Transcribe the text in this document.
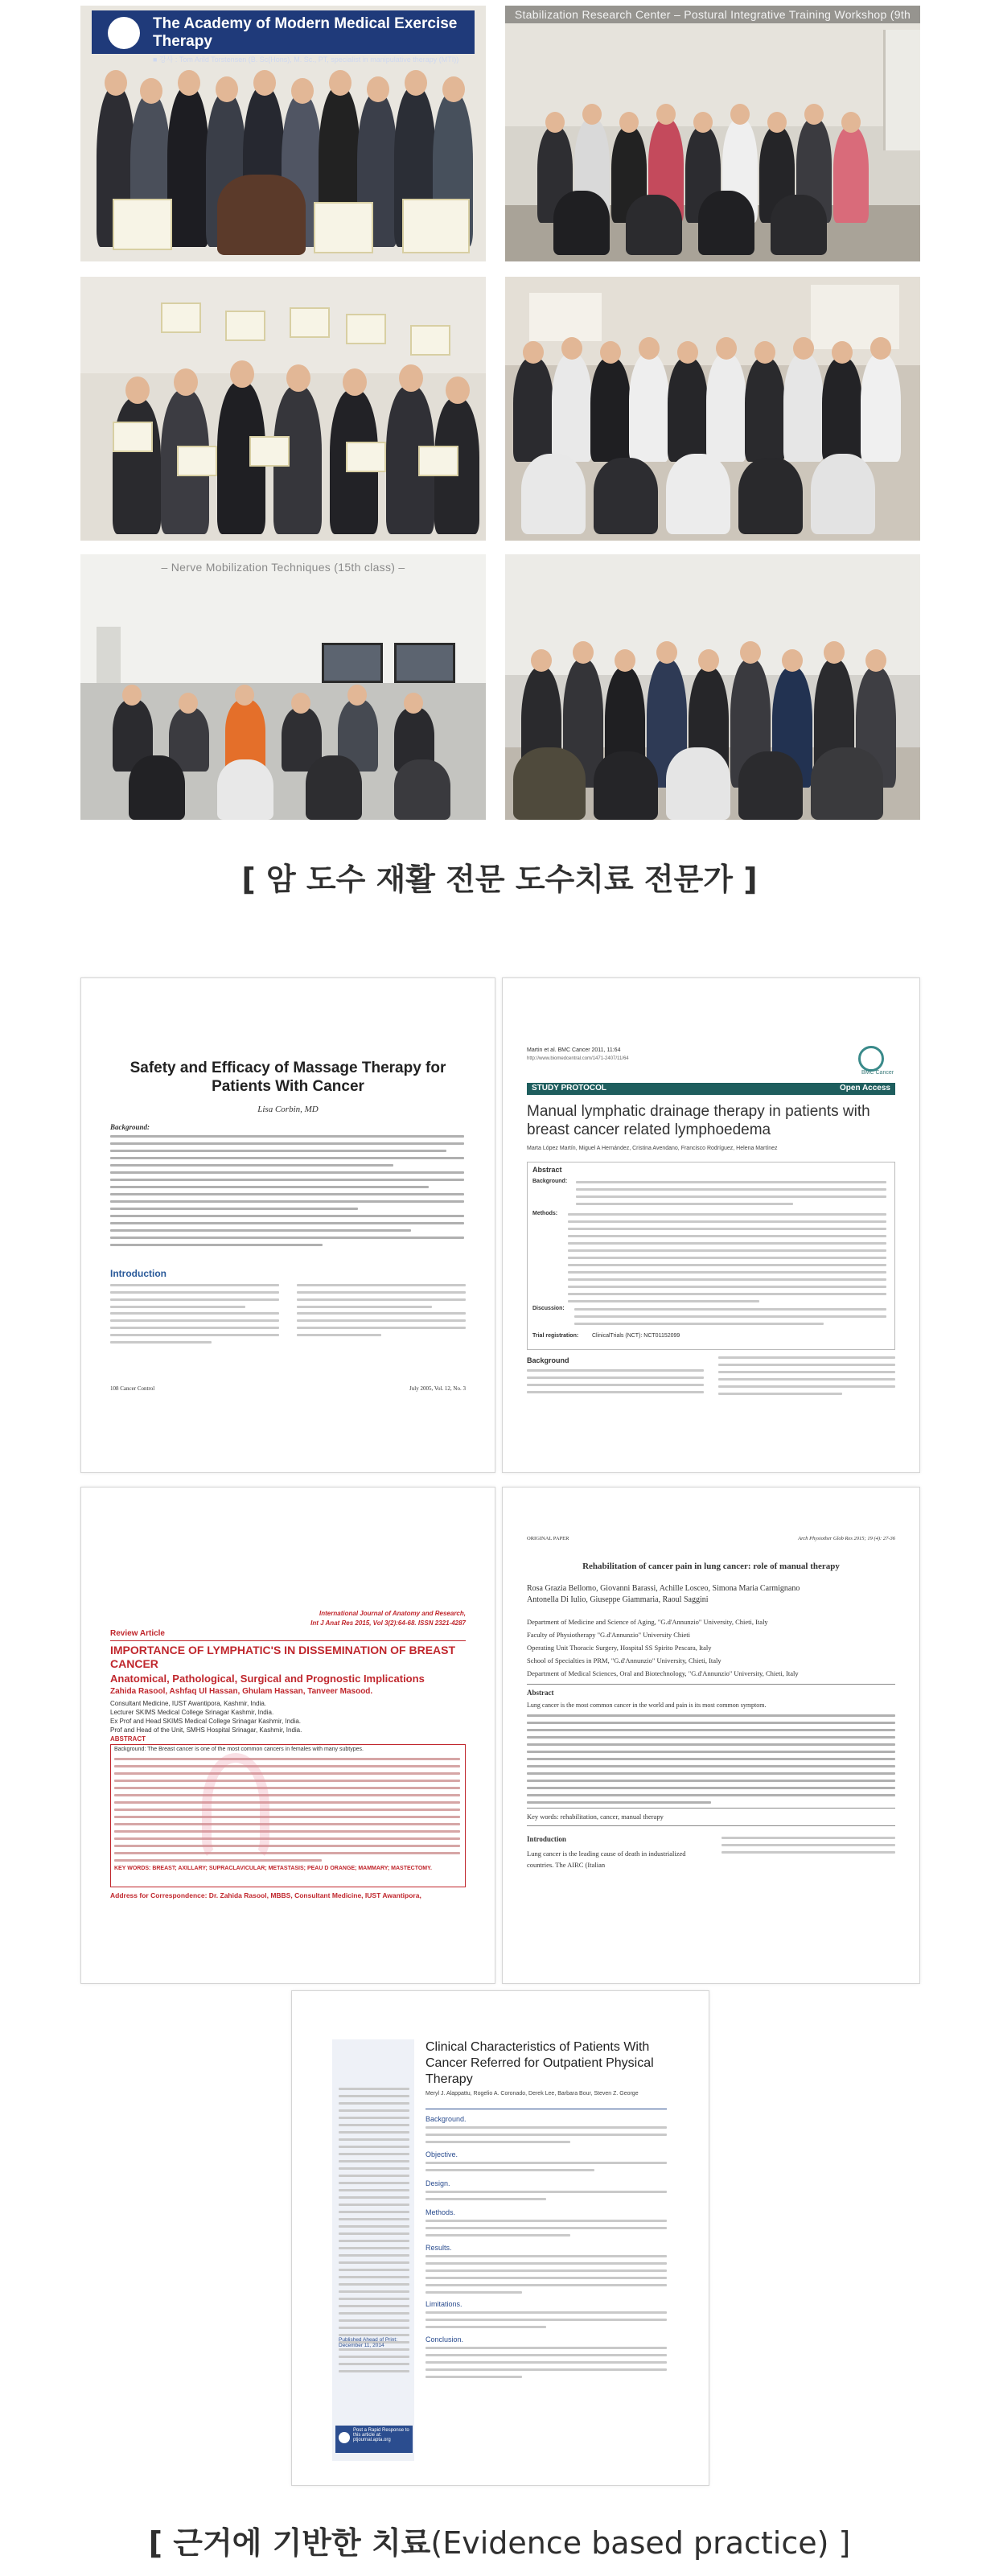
The Academy of Modern Medical Exercise Therapy
■ 강사 : Tom Arild Torstensen (B. Sc(Hons), M. Sc., PT, specialist in manipulative therapy (MTI))
Stabilization Research Center – Postural Integrative Training Workshop (9th
– Nerve Mobilization Techniques (15th class) –
[ 암 도수 재활 전문 도수치료 전문가 ]
Safety and Efficacy of Massage Therapy for Patients With Cancer
Lisa Corbin, MD
Background:
Introduction
108 Cancer Control	July 2005, Vol. 12, No. 3
Martin et al. BMC Cancer 2011, 11:64
http://www.biomedcentral.com/1471-2407/11/64
BMC Cancer
STUDY PROTOCOL	Open Access
Manual lymphatic drainage therapy in patients with breast cancer related lymphoedema
Marta López Martín, Miguel A Hernández, Cristina Avendano, Francisco Rodríguez, Helena Martínez
Abstract
Background:
Methods:
Discussion:
Trial registration: ClinicalTrials (NCT): NCT01152099
Background
International Journal of Anatomy and Research,
Int J Anat Res 2015, Vol 3(2):64-68. ISSN 2321-4287
Review Article
IMPORTANCE OF LYMPHATIC'S IN DISSEMINATION OF BREAST CANCER
Anatomical, Pathological, Surgical and Prognostic Implications
Zahida Rasool, Ashfaq Ul Hassan, Ghulam Hassan, Tanveer Masood.
Consultant Medicine, IUST Awantipora, Kashmir, India.
Lecturer SKIMS Medical College Srinagar Kashmir, India.
Ex Prof and Head SKIMS Medical College Srinagar Kashmir, India.
Prof and Head of the Unit, SMHS Hospital Srinagar, Kashmir, India.
ABSTRACT
Background: The Breast cancer is one of the most common cancers in females with many subtypes.
KEY WORDS: BREAST; AXILLARY; SUPRACLAVICULAR; METASTASIS; PEAU D ORANGE; MAMMARY; MASTECTOMY.
Address for Correspondence: Dr. Zahida Rasool, MBBS, Consultant Medicine, IUST Awantipora,
ORIGINAL PAPER	Arch Physiother Glob Res 2015; 19 (4): 27-36
Rehabilitation of cancer pain in lung cancer: role of manual therapy
Rosa Grazia Bellomo, Giovanni Barassi, Achille Losceo, Simona Maria Carmignano
Antonella Di Iulio, Giuseppe Giammaria, Raoul Saggini
Department of Medicine and Science of Aging, "G.d'Annunzio" University, Chieti, Italy
Faculty of Physiotherapy "G.d'Annunzio" University Chieti
Operating Unit Thoracic Surgery, Hospital SS Spirito Pescara, Italy
School of Specialties in PRM, "G.d'Annunzio" University, Chieti, Italy
Department of Medical Sciences, Oral and Biotechnology, "G.d'Annunzio" University, Chieti, Italy
Abstract
Lung cancer is the most common cancer in the world and pain is its most common symptom.
Key words: rehabilitation, cancer, manual therapy
Introduction
Lung cancer is the leading cause of death in industrialized countries. The AIRC (Italian
Published Ahead of Print: December 11, 2014
Post a Rapid Response to this article at: ptjournal.apta.org
Clinical Characteristics of Patients With Cancer Referred for Outpatient Physical Therapy
Meryl J. Alappattu, Rogelio A. Coronado, Derek Lee, Barbara Bour, Steven Z. George
Background.
Objective.
Design.
Methods.
Results.
Limitations.
Conclusion.
[ 근거에 기반한 치료(Evidence based practice) ]
